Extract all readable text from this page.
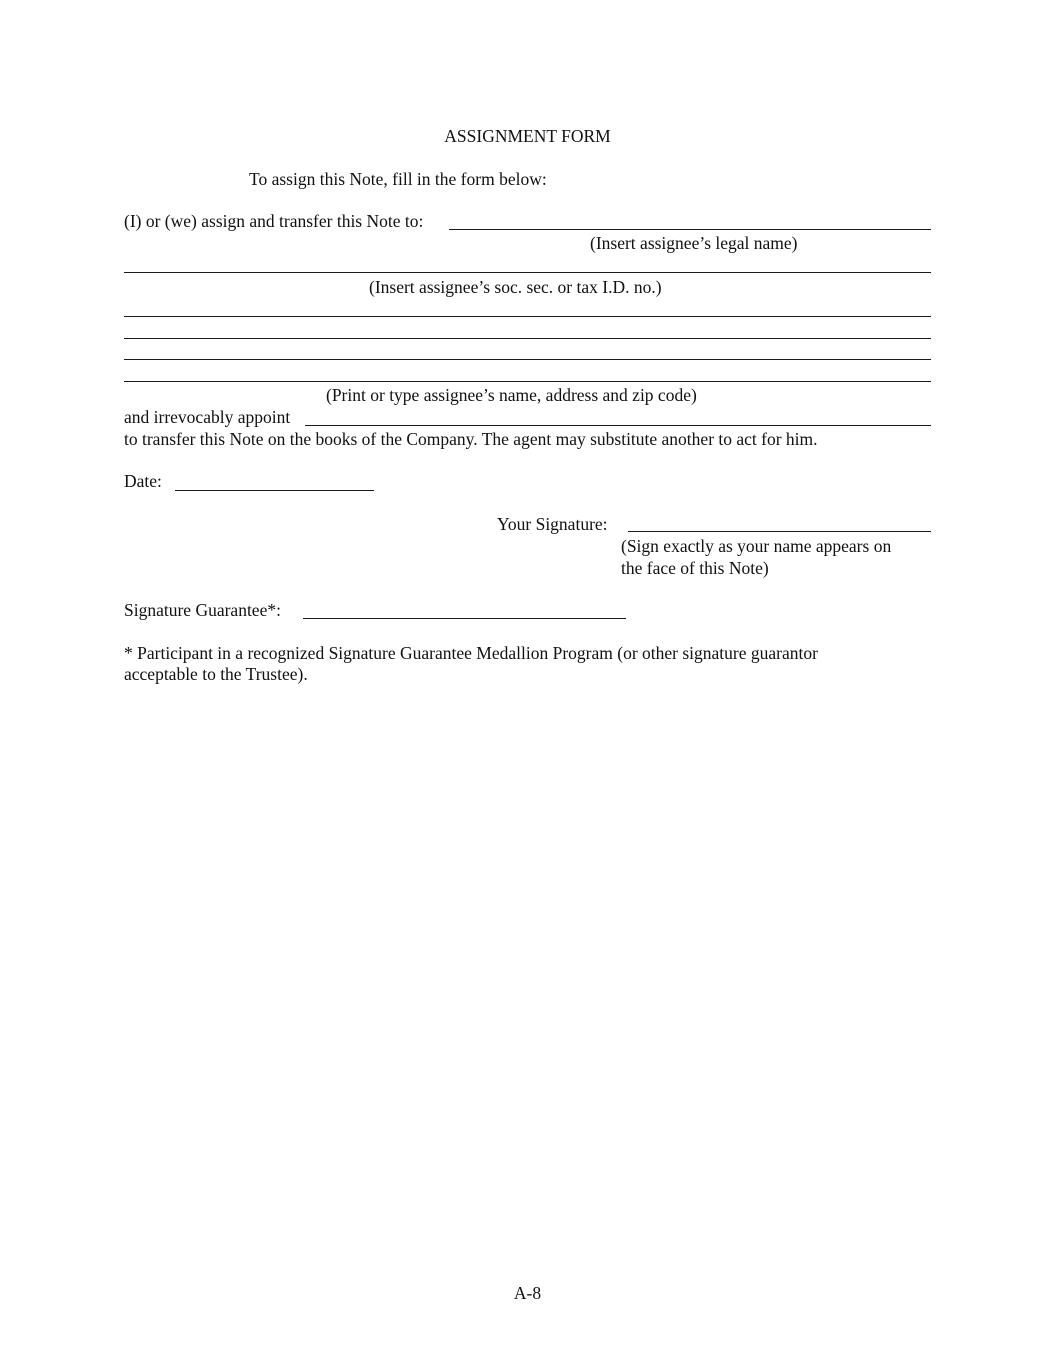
ASSIGNMENT FORM
To assign this Note, fill in the form below:
(I) or (we) assign and transfer this Note to:
(Insert assignee’s legal name)
(Insert assignee’s soc. sec. or tax I.D. no.)
(Print or type assignee’s name, address and zip code)
and irrevocably appoint
to transfer this Note on the books of the Company. The agent may substitute another to act for him.
Date:
Your Signature:
(Sign exactly as your name appears on
the face of this Note)
Signature Guarantee*:
* Participant in a recognized Signature Guarantee Medallion Program (or other signature guarantor
acceptable to the Trustee).
A-8
